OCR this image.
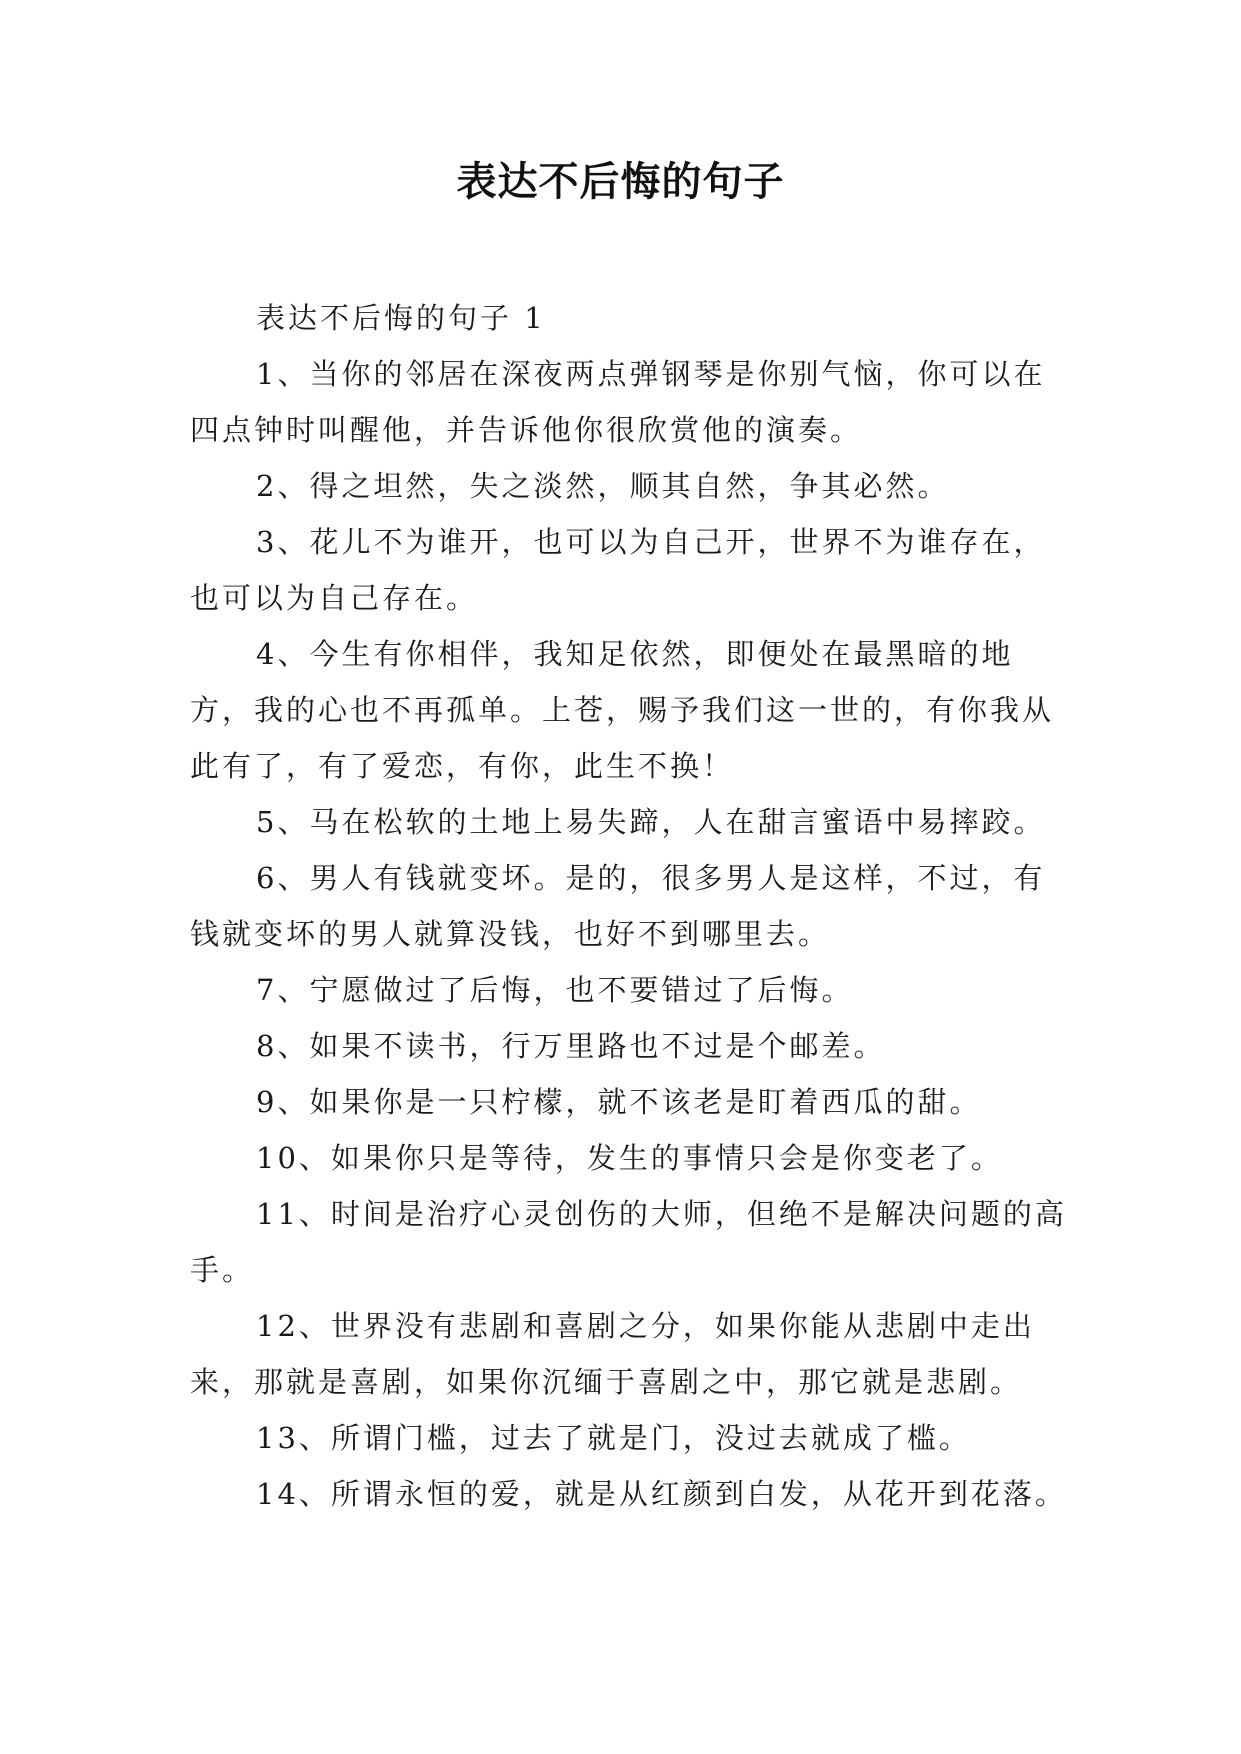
表达不后悔的句子

表达不后悔的句子 1

1、当你的邻居在深夜两点弹钢琴是你别气恼，你可以在四点钟时叫醒他，并告诉他你很欣赏他的演奏。

2、得之坦然，失之淡然，顺其自然，争其必然。

3、花儿不为谁开，也可以为自己开，世界不为谁存在，也可以为自己存在。

4、今生有你相伴，我知足依然，即便处在最黑暗的地方，我的心也不再孤单。上苍，赐予我们这一世的，有你我从此有了，有了爱恋，有你，此生不换！

5、马在松软的土地上易失蹄，人在甜言蜜语中易摔跤。

6、男人有钱就变坏。是的，很多男人是这样，不过，有钱就变坏的男人就算没钱，也好不到哪里去。

7、宁愿做过了后悔，也不要错过了后悔。

8、如果不读书，行万里路也不过是个邮差。

9、如果你是一只柠檬，就不该老是盯着西瓜的甜。

10、如果你只是等待，发生的事情只会是你变老了。

11、时间是治疗心灵创伤的大师，但绝不是解决问题的高手。

12、世界没有悲剧和喜剧之分，如果你能从悲剧中走出来，那就是喜剧，如果你沉缅于喜剧之中，那它就是悲剧。

13、所谓门槛，过去了就是门，没过去就成了槛。

14、所谓永恒的爱，就是从红颜到白发，从花开到花落。
